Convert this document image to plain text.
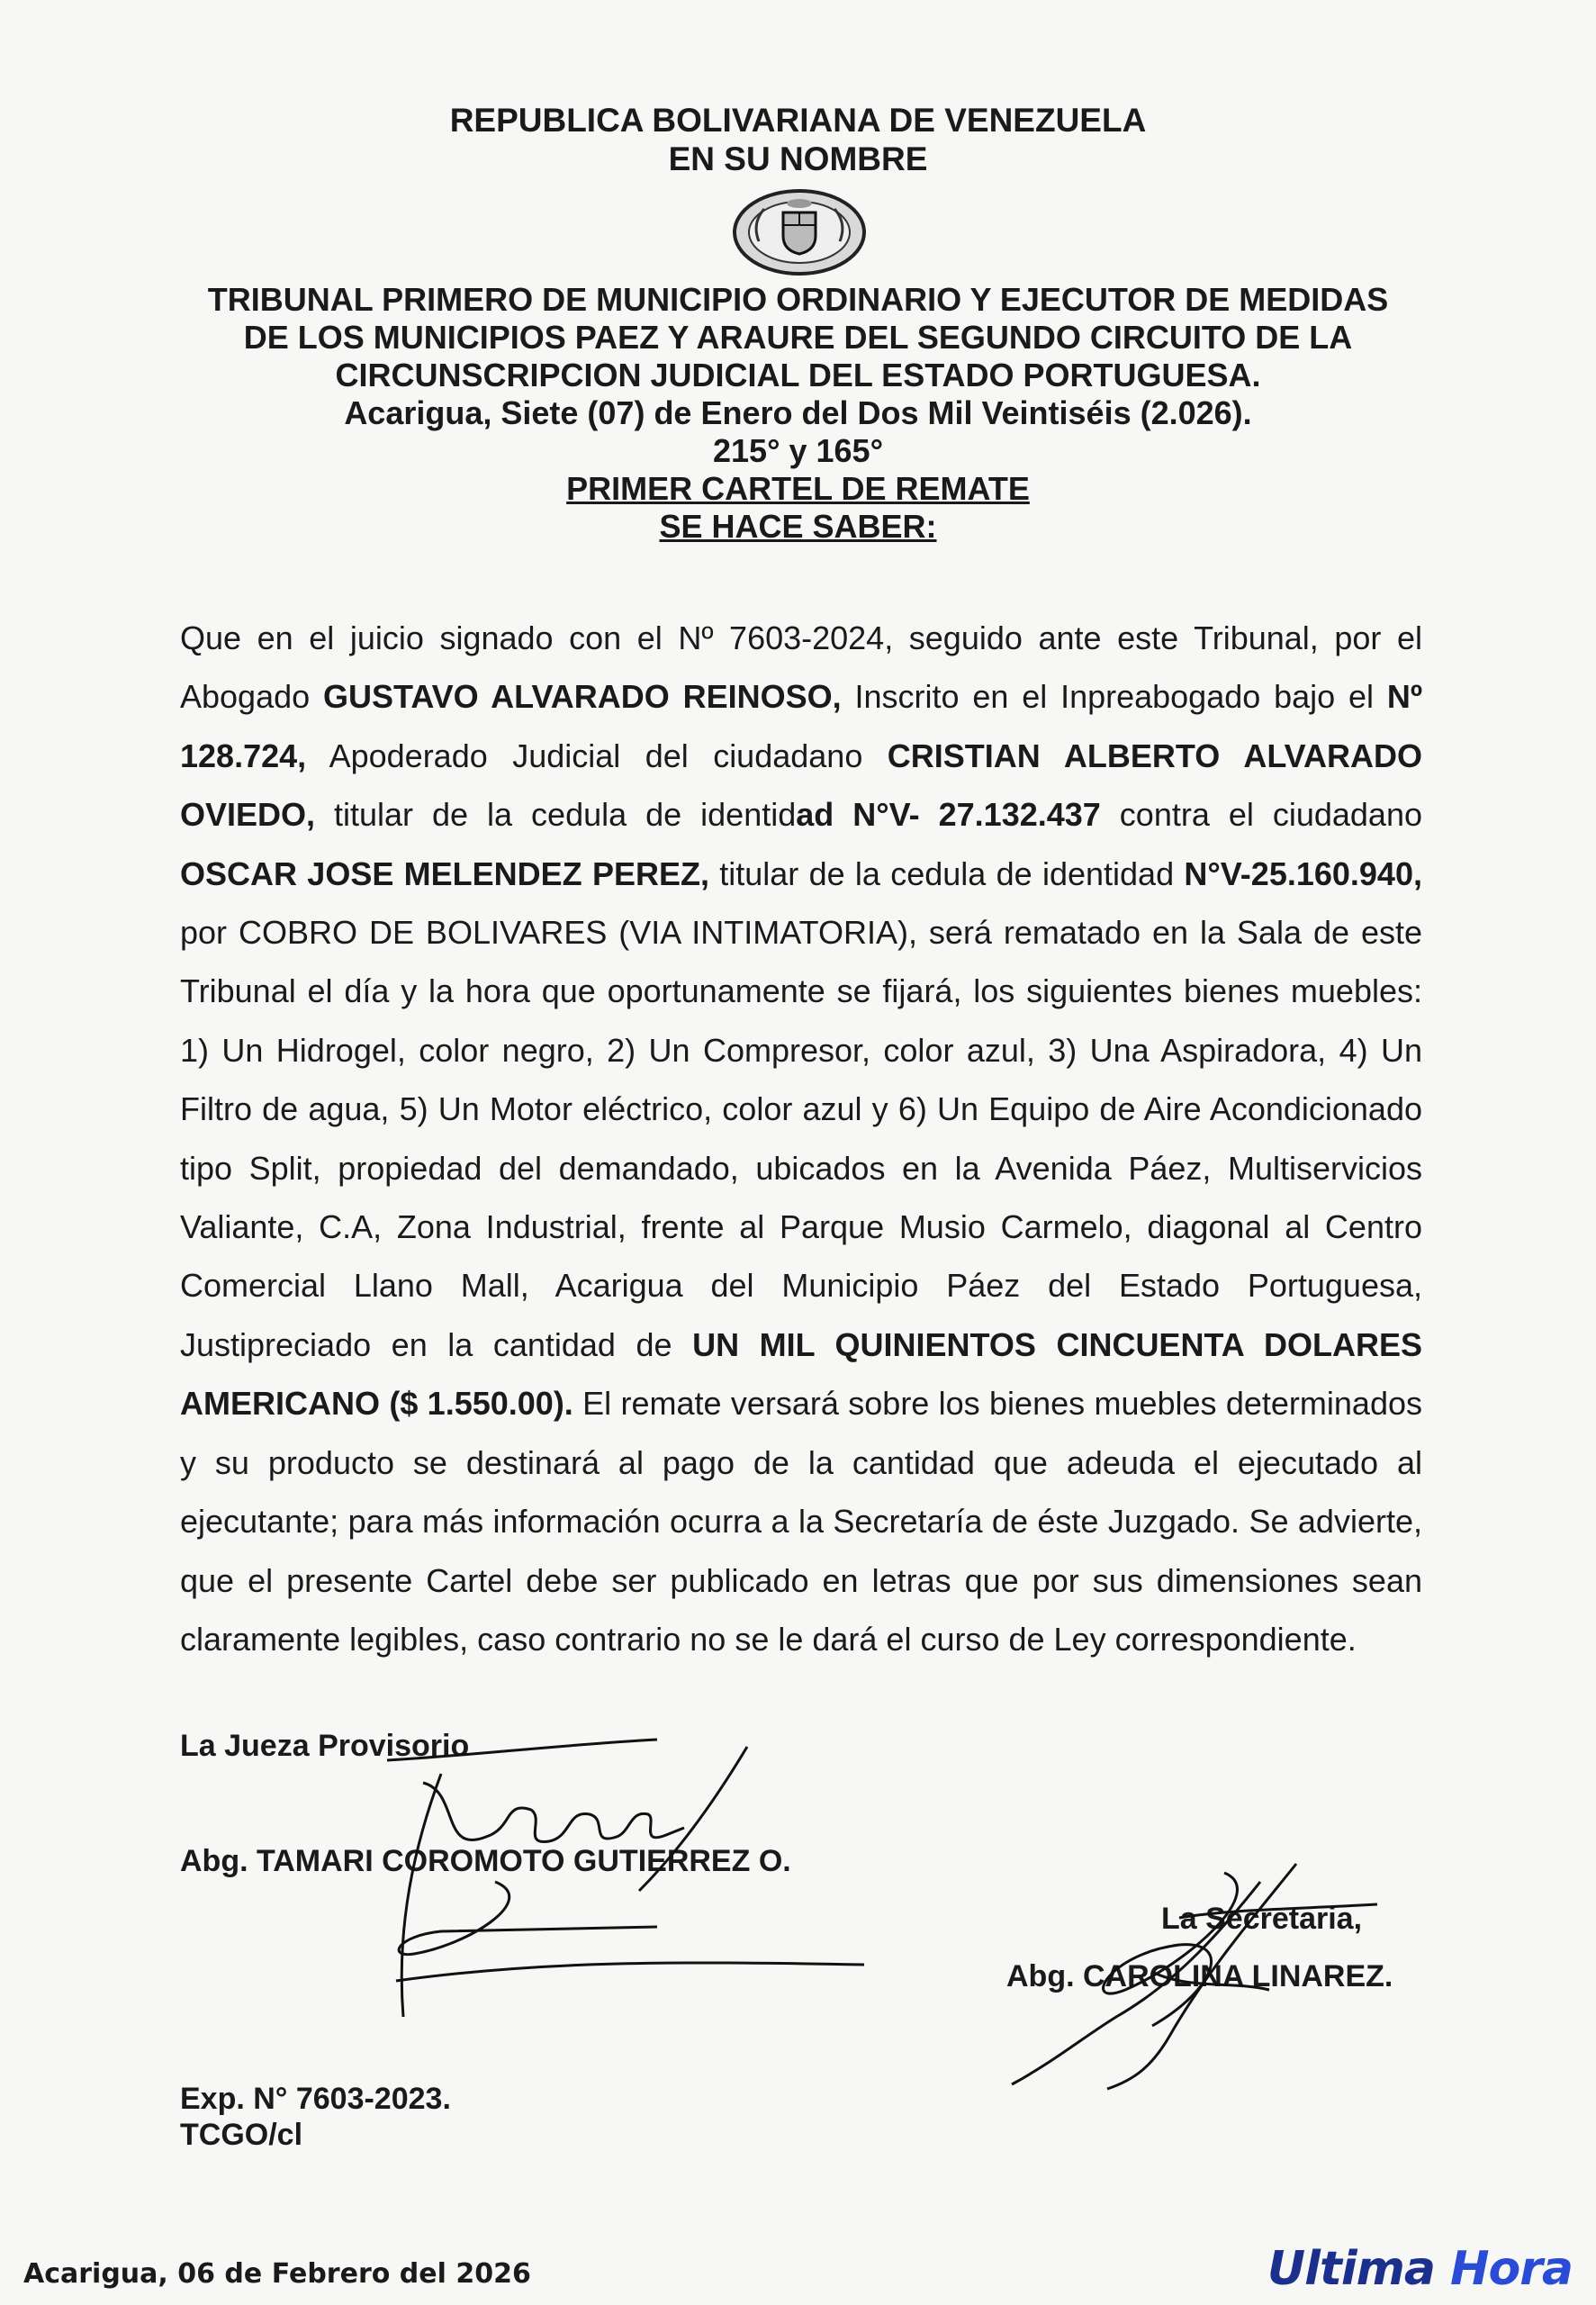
REPUBLICA BOLIVARIANA DE VENEZUELA

EN SU NOMBRE

TRIBUNAL PRIMERO DE MUNICIPIO ORDINARIO Y EJECUTOR DE MEDIDAS

DE LOS MUNICIPIOS PAEZ Y ARAURE DEL SEGUNDO CIRCUITO DE LA

CIRCUNSCRIPCION JUDICIAL DEL ESTADO PORTUGUESA.

Acarigua, Siete (07) de Enero del Dos Mil Veintiséis (2.026).

215° y 165°

PRIMER CARTEL DE REMATE

SE HACE SABER:

Que en el juicio signado con el Nº 7603-2024, seguido ante este Tribunal, por el Abogado GUSTAVO ALVARADO REINOSO, Inscrito en el Inpreabogado bajo el Nº 128.724, Apoderado Judicial del ciudadano CRISTIAN ALBERTO ALVARADO OVIEDO, titular de la cedula de identidad N°V- 27.132.437 contra el ciudadano OSCAR JOSE MELENDEZ PEREZ, titular de la cedula de identidad N°V-25.160.940, por COBRO DE BOLIVARES (VIA INTIMATORIA), será rematado en la Sala de este Tribunal el día y la hora que oportunamente se fijará, los siguientes bienes muebles: 1) Un Hidrogel, color negro, 2) Un Compresor, color azul, 3) Una Aspiradora, 4) Un Filtro de agua, 5) Un Motor eléctrico, color azul y 6) Un Equipo de Aire Acondicionado tipo Split, propiedad del demandado, ubicados en la Avenida Páez, Multiservicios Valiante, C.A, Zona Industrial, frente al Parque Musio Carmelo, diagonal al Centro Comercial Llano Mall, Acarigua del Municipio Páez del Estado Portuguesa, Justipreciado en la cantidad de UN MIL QUINIENTOS CINCUENTA DOLARES AMERICANO ($ 1.550.00). El remate versará sobre los bienes muebles determinados y su producto se destinará al pago de la cantidad que adeuda el ejecutado al ejecutante; para más información ocurra a la Secretaría de éste Juzgado. Se advierte, que el presente Cartel debe ser publicado en letras que por sus dimensiones sean claramente legibles, caso contrario no se le dará el curso de Ley correspondiente.
La Jueza Provisorio
Abg. TAMARI COROMOTO GUTIERREZ O.
La Secretaria,
Abg. CAROLINA LINAREZ.
Exp. N° 7603-2023.
TCGO/cl
Acarigua, 06 de Febrero del 2026	Ultima Hora
